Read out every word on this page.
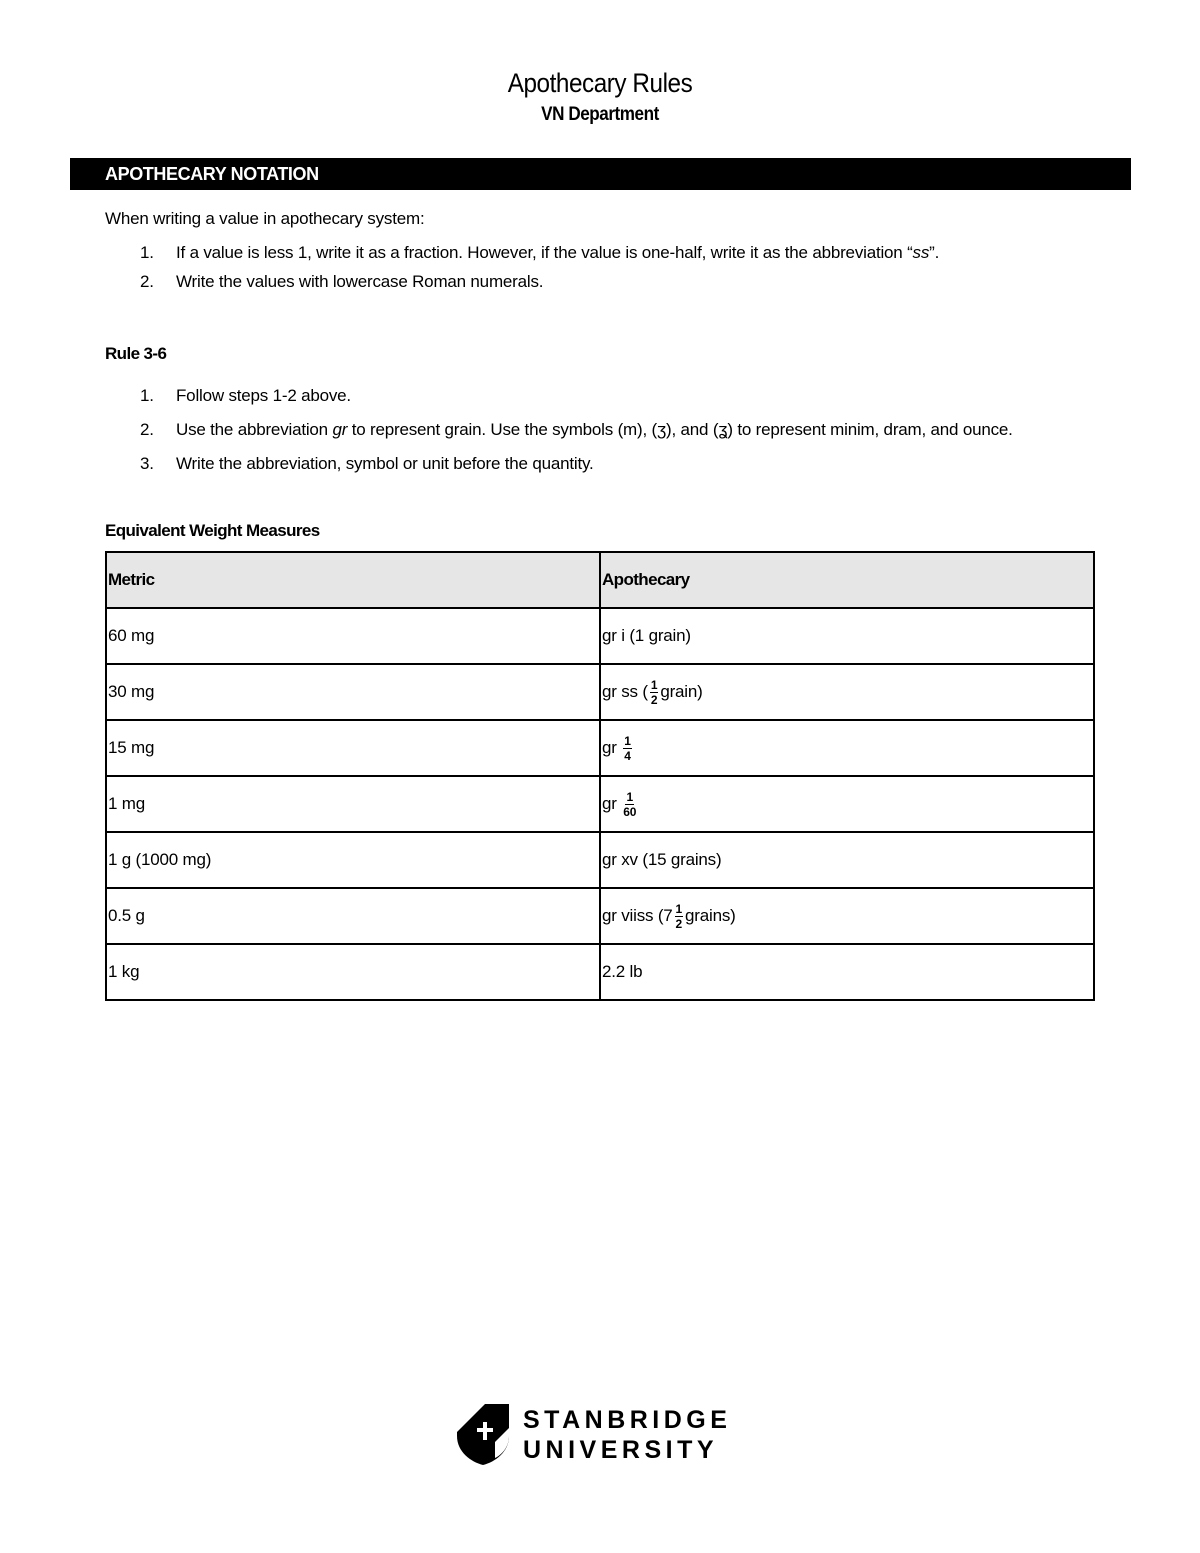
Apothecary Rules
VN Department
APOTHECARY NOTATION
When writing a value in apothecary system:
1. If a value is less 1, write it as a fraction. However, if the value is one-half, write it as the abbreviation “ss”.
2. Write the values with lowercase Roman numerals.
Rule 3-6
1. Follow steps 1-2 above.
2. Use the abbreviation gr to represent grain. Use the symbols (m), (ʒ), and (ʓ) to represent minim, dram, and ounce.
3. Write the abbreviation, symbol or unit before the quantity.
Equivalent Weight Measures
Metric	Apothecary
60 mg	gr i (1 grain)
30 mg	gr ss ( $\frac{1}{2}$ grain)
15 mg	gr $\frac{1}{4}$

1 mg	gr $\frac{1}{60}$

1 g (1000 mg)	gr xv (15 grains)
0.5 g	gr viiss ($7 \frac{1}{2}$ grains)
1 kg	2.2 lb
STANBRIDGE
UNIVERSITY
